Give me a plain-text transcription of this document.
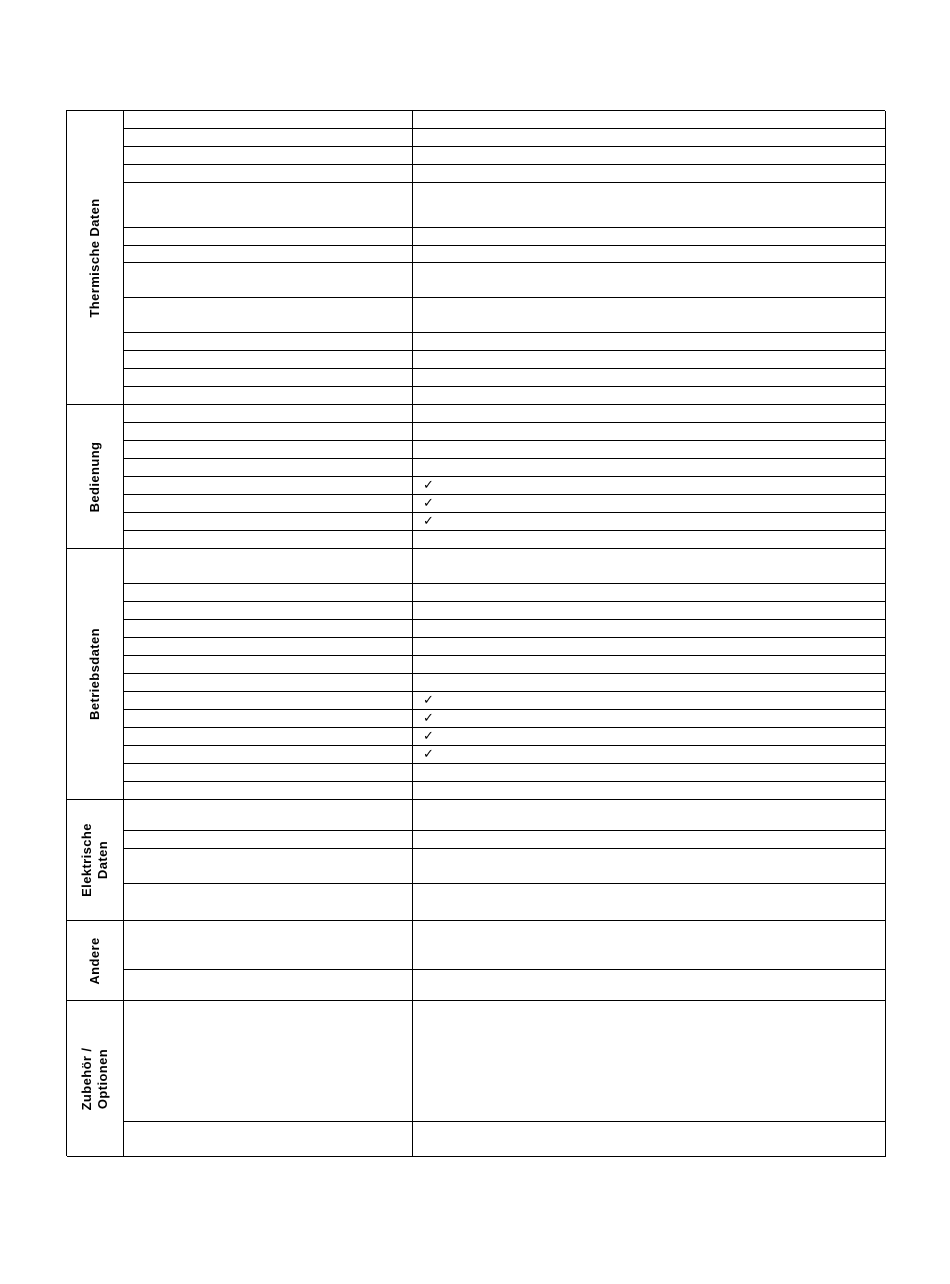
Thermische Daten
Bedienung	✓
✓
✓
Betriebsdaten	✓
✓
✓
✓
Elektrische Daten
Andere
Zubehör / Optionen
